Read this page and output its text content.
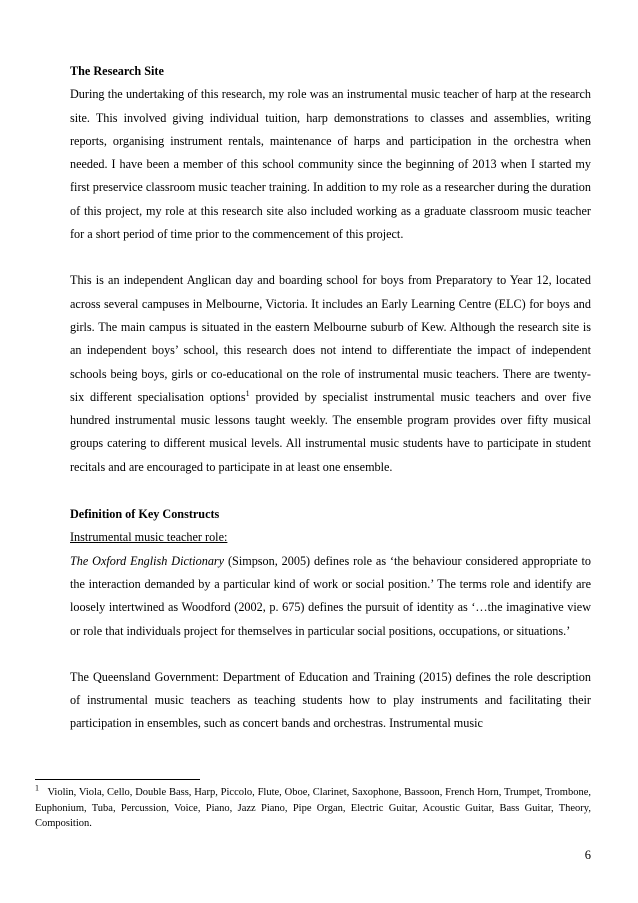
The Research Site

During the undertaking of this research, my role was an instrumental music teacher of harp at the research site. This involved giving individual tuition, harp demonstrations to classes and assemblies, writing reports, organising instrument rentals, maintenance of harps and participation in the orchestra when needed. I have been a member of this school community since the beginning of 2013 when I started my first preservice classroom music teacher training. In addition to my role as a researcher during the duration of this project, my role at this research site also included working as a graduate classroom music teacher for a short period of time prior to the commencement of this project.

This is an independent Anglican day and boarding school for boys from Preparatory to Year 12, located across several campuses in Melbourne, Victoria. It includes an Early Learning Centre (ELC) for boys and girls. The main campus is situated in the eastern Melbourne suburb of Kew. Although the research site is an independent boys’ school, this research does not intend to differentiate the impact of independent schools being boys, girls or co-educational on the role of instrumental music teachers. There are twenty-six different specialisation options$^1$ provided by specialist instrumental music teachers and over five hundred instrumental music lessons taught weekly. The ensemble program provides over fifty musical groups catering to different musical levels. All instrumental music students have to participate in student recitals and are encouraged to participate in at least one ensemble.

Definition of Key Constructs

Instrumental music teacher role:

The Oxford English Dictionary (Simpson, 2005) defines role as ‘the behaviour considered appropriate to the interaction demanded by a particular kind of work or social position.’ The terms role and identify are loosely intertwined as Woodford (2002, p. 675) defines the pursuit of identity as ‘…the imaginative view or role that individuals project for themselves in particular social positions, occupations, or situations.’

The Queensland Government: Department of Education and Training (2015) defines the role description of instrumental music teachers as teaching students how to play instruments and facilitating their participation in ensembles, such as concert bands and orchestras. Instrumental music

$^1$ Violin, Viola, Cello, Double Bass, Harp, Piccolo, Flute, Oboe, Clarinet, Saxophone, Bassoon, French Horn, Trumpet, Trombone, Euphonium, Tuba, Percussion, Voice, Piano, Jazz Piano, Pipe Organ, Electric Guitar, Acoustic Guitar, Bass Guitar, Theory, Composition.

6
